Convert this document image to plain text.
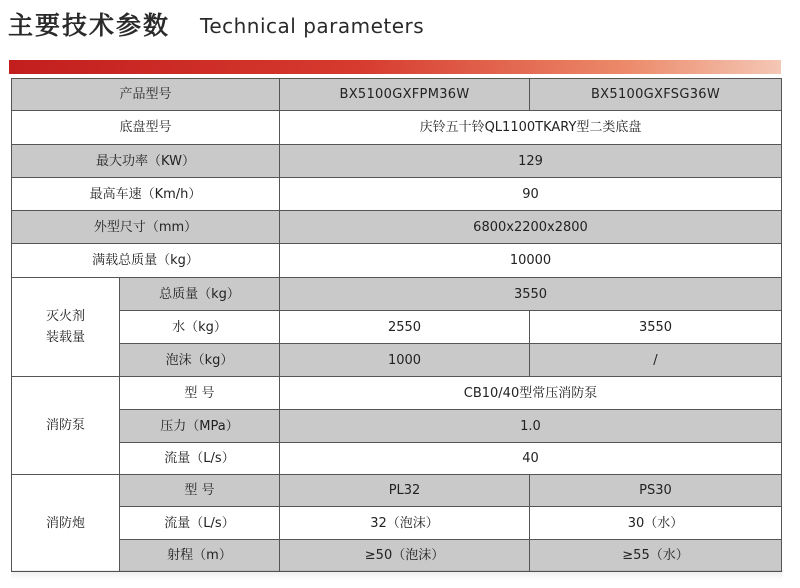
主要技术参数 Technical parameters
产品型号	BX5100GXFPM36W	BX5100GXFSG36W
底盘型号	庆铃五十铃QL1100TKARY型二类底盘
最大功率（KW）	129
最高车速（Km/h）	90
外型尺寸（mm）	6800x2200x2800
满载总质量（kg）	10000
灭火剂
装载量
总质量（kg）	3550
水（kg）	2550	3550
泡沫（kg）	1000	/
消防泵
型 号	CB10/40型常压消防泵
压力（MPa）	1.0
流量（L/s）	40
消防炮
型 号	PL32	PS30
流量（L/s）	32（泡沫）	30（水）
射程（m）	≥50（泡沫）	≥55（水）
